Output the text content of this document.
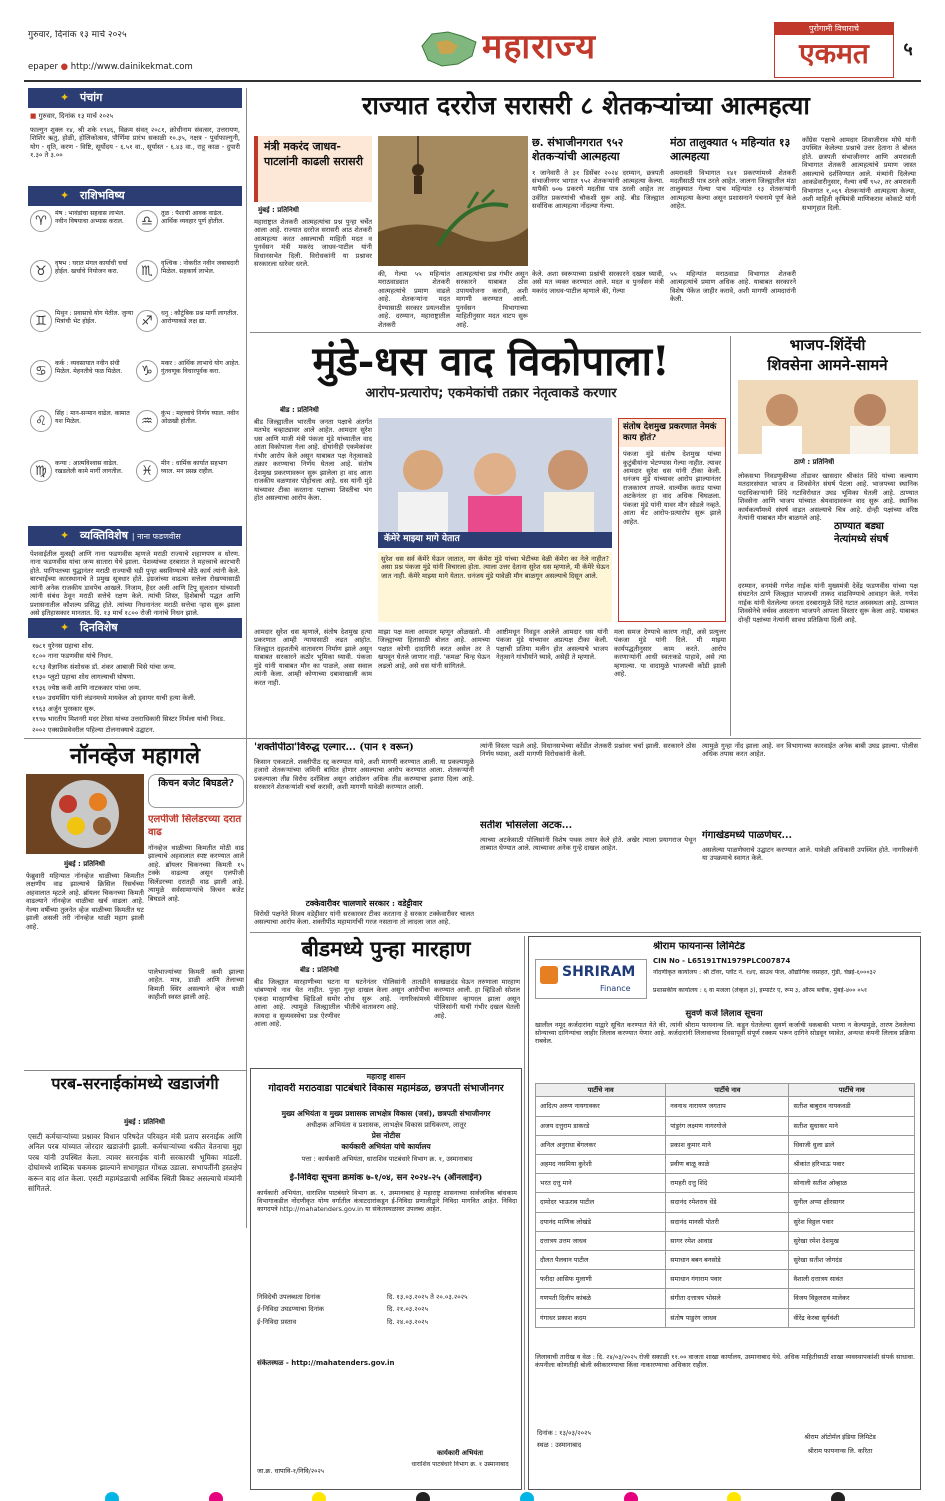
गुरुवार, दिनांक १३ मार्च २०२५
epaper ● http://www.dainikekmat.com	महाराज्य	पुरोगामी विचाराचे
एकमत	५
✦ पंचांग
■ गुरुवार, दिनांक १३ मार्च २०२५
फाल्गुन शुक्ल १४, श्री शके १९४६, विक्रम संवत् २०८१, क्रोधीनाम संवत्सर, उत्तरायण, शिशिर ऋतु, होळी, होलिकोत्सव, पौर्णिमा प्रारंभ सकाळी १०.३५, नक्षत्र - पूर्वाफाल्गुनी, योग - धृति, करण - विष्टि, सूर्योदय - ६.५१ वा., सूर्यास्त - ६.४३ वा., राहू काळ - दुपारी १.३० ते ३.००
✦ राशिभविष्य
♈
मेष : भावंडांचा सहवास लाभेल. नवीन विषयाचा अभ्यास कराल.	♎
तूळ : पैशाची आवक वाढेल. आर्थिक व्यवहार पूर्ण होतील.
♉
वृषभ : घरात मंगल कार्याची चर्चा होईल. खर्चाचे नियोजन करा.	♏
वृश्चिक : नोकरीत नवीन जबाबदारी मिळेल. सहकार्य लाभेल.
♊
मिथुन : प्रवासाचे योग येतील. जुन्या मित्रांची भेट होईल.	♐
धनु : कौटुंबिक प्रश्न मार्गी लागतील. आरोग्याकडे लक्ष द्या.
♋
कर्क : व्यवसायात नवीन संधी मिळेल. मेहनतीचे फळ मिळेल.	♑
मकर : आर्थिक लाभाचे योग आहेत. गुंतवणूक विचारपूर्वक करा.
♌
सिंह : मान-सन्मान वाढेल. कामात यश मिळेल.	♒
कुंभ : महत्त्वाचे निर्णय घ्याल. नवीन ओळखी होतील.
♍
कन्या : आत्मविश्वास वाढेल. रखडलेली कामे मार्गी लागतील.	♓
मीन : धार्मिक कार्यात सहभाग घ्याल. मन प्रसन्न राहील.
✦ व्यक्तिविशेष | नाना फडणवीस
पेशवाईतील मुत्सद्दी आणि नाना फडणवीस म्हणजे मराठी राज्याचे शहाणपण व धोरण. नाना फडणवीस यांचा जन्म सातारा येथे झाला. पेशव्यांच्या दरबारात ते महत्त्वाचे कारभारी होते. पानिपतच्या युद्धानंतर मराठी राज्याची घडी पुन्हा बसविण्याचे मोठे कार्य त्यांनी केले. बारभाईंच्या कारस्थानाचे ते प्रमुख सूत्रधार होते. इंग्रजांच्या वाढत्या सत्तेला रोखण्यासाठी त्यांनी अनेक राजकीय डावपेच आखले. निजाम, हैदर अली आणि टिपू सुलतान यांच्याशी त्यांनी संबंध ठेवून मराठी सत्तेचे रक्षण केले. त्यांची शिस्त, हिशेबाची पद्धत आणि प्रशासनातील कौशल्य प्रसिद्ध होते. त्यांच्या निधनानंतर मराठी सत्तेचा ऱ्हास सुरू झाला असे इतिहासकार मानतात. दि. १३ मार्च १८०० रोजी नानांचे निधन झाले.
✦ दिनविशेष
१७८१ युरेनस ग्रहाचा शोध.
१८०० नाना फडणवीस यांचे निधन.
१८९३ वैज्ञानिक संशोधक डॉ. शंकर आबाजी भिसे यांचा जन्म.
१९३० प्लुटो ग्रहाचा शोध लागल्याची घोषणा.
१९३६ ज्येष्ठ कवी आणि नाटककार यांचा जन्म.
१९४० उधमसिंग यांनी लंडनमध्ये मायकेल ओ ड्वायर याची हत्या केली.
१९६३ अर्जुन पुरस्कार सुरू.
१९९७ भारतीय मिशनरी मदर टेरेसा यांच्या उत्तराधिकारी सिस्टर निर्मला यांची निवड.
२००२ एक्सप्रेसवेवरील पहिल्या टोलनाक्याचे उद्घाटन.
राज्यात दररोज सरासरी ८ शेतकऱ्यांच्या आत्महत्या
मंत्री मकरंद जाधव-पाटलांनी काढली सरासरी
मुंबई : प्रतिनिधी
महाराष्ट्रात शेतकरी आत्महत्यांचा प्रश्न पुन्हा चर्चेत आला आहे. राज्यात दररोज सरासरी आठ शेतकरी आत्महत्या करत असल्याची माहिती मदत व पुनर्वसन मंत्री मकरंद जाधव-पाटील यांनी विधानसभेत दिली. विरोधकांनी या प्रश्नावर सरकारला धारेवर धरले.
की, गेल्या ५५ महिन्यांत मराठवाड्यात शेतकरी आत्महत्यांचे प्रमाण वाढले आहे. शेतकऱ्यांना मदत देण्यासाठी सरकार प्रयत्नशील आहे. दरम्यान, महाराष्ट्रातील शेतकरी
आत्महत्यांचा प्रश्न गंभीर असून सरकारने याबाबत ठोस उपाययोजना करावी, अशी मागणी करण्यात आली. पुनर्वसन विभागाच्या माहितीनुसार मदत वाटप सुरू आहे.
छ. संभाजीनगरात ९५२ शेतकऱ्यांची आत्महत्या
१ जानेवारी ते ३१ डिसेंबर २०२४ दरम्यान, छत्रपती संभाजीनगर भागात ९५२ शेतकऱ्यांनी आत्महत्या केल्या. यापैकी ७०७ प्रकरणे मदतीस पात्र ठरली आहेत तर उर्वरित प्रकरणांची चौकशी सुरू आहे. बीड जिल्ह्यात सर्वाधिक आत्महत्या नोंदल्या गेल्या.
केले. अशा स्वरूपाच्या प्रश्नांची सरकारने दखल घ्यावी, असे मत व्यक्त करण्यात आले. मदत व पुनर्वसन मंत्री मकरंद जाधव-पाटील म्हणाले की, गेल्या
मंठा तालुक्यात ५ महिन्यांत १३ आत्महत्या
अमरावती विभागात १४१ प्रकरणांमध्ये शेतकरी मदतीसाठी पात्र ठरले आहेत. जालना जिल्ह्यातील मंठा तालुक्यात गेल्या पाच महिन्यांत १३ शेतकऱ्यांनी आत्महत्या केल्या असून प्रशासनाने पंचनामे पूर्ण केले आहेत.
५५ महिन्यांत मराठवाडा विभागात शेतकरी आत्महत्यांचे प्रमाण अधिक आहे. याबाबत सरकारने विशेष पॅकेज जाहीर करावे, अशी मागणी आमदारांनी केली.
काँग्रेस पक्षाचे आमदार शिवाजीराव मोघे यांनी उपस्थित केलेल्या प्रश्नाचे उत्तर देताना ते बोलत होते. छत्रपती संभाजीनगर आणि अमरावती विभागात शेतकरी आत्महत्यांचे प्रमाण जास्त असल्याचे दर्शविण्यात आले. मंत्र्यांनी दिलेल्या आकडेवारीनुसार, गेल्या वर्षी ९५२, तर अमरावती विभागात १,०६९ शेतकऱ्यांनी आत्महत्या केल्या, अशी माहिती कृषिमंत्री माणिकराव कोकाटे यांनी सभागृहात दिली.
मुंडे-धस वाद विकोपाला!
आरोप-प्रत्यारोप; एकमेकांची तक्रार नेतृत्वाकडे करणार
बीड : प्रतिनिधी
बीड जिल्ह्यातील भारतीय जनता पक्षाचे अंतर्गत मतभेद चव्हाट्यावर आले आहेत. आमदार सुरेश धस आणि माजी मंत्री पंकजा मुंडे यांच्यातील वाद आता विकोपाला गेला आहे. दोघांनीही एकमेकांवर गंभीर आरोप केले असून याबाबत पक्ष नेतृत्वाकडे तक्रार करण्याचा निर्णय घेतला आहे. संतोष देशमुख प्रकरणावरून सुरू झालेला हा वाद आता राजकीय वळणावर पोहोचला आहे. धस यांनी मुंडे यांच्यावर टीका करताना पक्षाच्या शिस्तीचा भंग होत असल्याचा आरोप केला.
कॅमेरे माझ्या मागे येतात
सुरेश धस सर्व कॅमेरे घेऊन जातात, मग कॅमेरा मुंडे यांच्या भेटीच्या वेळी कॅमेरा का नेले नाहीत? असा प्रश्न पंकजा मुंडे यांनी विचारला होता. त्याला उत्तर देताना सुरेश धस म्हणाले, मी कॅमेरे घेऊन जात नाही. कॅमेरे माझ्या मागे येतात. धनंजय मुंडे यावेळी मौन बाळगून असल्याचे दिसून आले.
संतोष देशमुख प्रकरणात नेमकं काय होतं?
पंकजा मुंडे संतोष देशमुख यांच्या कुटुंबीयांना भेटण्यास गेल्या नाहीत. त्यावर आमदार सुरेश धस यांनी टीका केली. धनंजय मुंडे यांच्यावर आरोप झाल्यानंतर राजकारण तापले. वाल्मीक कराड याच्या अटकेनंतर हा वाद अधिक चिघळला. पंकजा मुंडे यांनी यावर मौन सोडले नव्हते. आता थेट आरोप-प्रत्यारोप सुरू झाले आहेत.
आमदार सुरेश धस म्हणाले, संतोष देशमुख हत्या प्रकरणात आम्ही न्यायासाठी लढत आहोत. जिल्ह्यात दहशतीचे वातावरण निर्माण झाले असून याबाबत सरकारने कठोर भूमिका घ्यावी. पंकजा मुंडे यांनी याबाबत मौन का पाळले, असा सवाल त्यांनी केला. आम्ही कोणाच्या दबावाखाली काम करत नाही.
माझा पक्ष मला आमदार म्हणून ओळखतो. मी जिल्ह्याच्या हितासाठी बोलत आहे. आमच्या पक्षात कोणी दादागिरी करत असेल तर ते खपवून घेतले जाणार नाही. 'कमळ' चिन्ह घेऊन लढलो आहे, असे धस यांनी सांगितले.
आष्टीमधून निवडून आलेले आमदार धस यांनी पंकजा मुंडे यांच्यावर अप्रत्यक्ष टीका केली. पक्षाची प्रतिमा मलीन होत असल्याचे भाजप नेतृत्वाने गांभीर्याने घ्यावे, असेही ते म्हणाले.
मला समज देण्याचे कारण नाही, असे प्रत्युत्तर पंकजा मुंडे यांनी दिले. मी माझ्या कार्यपद्धतीनुसार काम करते. आरोप करणाऱ्यांनी आधी स्वतःकडे पाहावे, असे त्या म्हणाल्या. या वादामुळे भाजपची कोंडी झाली आहे.
भाजप-शिंदेंची
शिवसेना आमने-सामने
ठाणे : प्रतिनिधी
लोकसभा निवडणुकीच्या तोंडावर खासदार श्रीकांत शिंदे यांच्या कल्याण मतदारसंघात भाजप व शिवसेनेत संघर्ष पेटला आहे. भाजपच्या स्थानिक पदाधिकाऱ्यांनी शिंदे गटाविरोधात उघड भूमिका घेतली आहे. ठाण्यात शिवसेना आणि भाजप यांच्यात श्रेयवादावरून वाद सुरू आहे. स्थानिक कार्यकर्त्यांमध्ये संघर्ष वाढत असल्याचे चित्र आहे. दोन्ही पक्षांच्या वरिष्ठ नेत्यांनी याबाबत मौन बाळगले आहे.
ठाण्यात बड्या नेत्यांमध्ये संघर्ष
दरम्यान, वनमंत्री गणेश नाईक यांनी मुख्यमंत्री देवेंद्र फडणवीस यांच्या पक्ष संघटनेत ठाणे जिल्ह्यात भाजपची ताकद वाढविण्याचे आवाहन केले. गणेश नाईक यांनी घेतलेल्या जनता दरबारामुळे शिंदे गटात अस्वस्थता आहे. ठाण्यात शिवसेनेचे वर्चस्व असताना भाजपने आपला विस्तार सुरू केला आहे. याबाबत दोन्ही पक्षांच्या नेत्यांनी सावध प्रतिक्रिया दिली आहे.
नॉनव्हेज महागले
किचन बजेट बिघडले?
एलपीजी सिलेंडरच्या दरात वाढ
नॉनव्हेज थाळीच्या किमतीत मोठी वाढ झाल्याचे अहवालात स्पष्ट करण्यात आले आहे. ब्रॉयलर चिकनच्या किमती १५ टक्के वाढल्या असून एलपीजी सिलेंडरच्या दरातही वाढ झाली आहे. त्यामुळे सर्वसामान्यांचे किचन बजेट बिघडले आहे.
मुंबई : प्रतिनिधी
फेब्रुवारी महिन्यात नॉनव्हेज थाळीच्या किमतीत लक्षणीय वाढ झाल्याचे क्रिसिल रिसर्चच्या अहवालात म्हटले आहे. ब्रॉयलर चिकनच्या किमती वाढल्याने नॉनव्हेज थाळीचा खर्च वाढला आहे. गेल्या वर्षीच्या तुलनेत व्हेज थाळीच्या किमतीत घट झाली असली तरी नॉनव्हेज थाळी महाग झाली आहे.
पालेभाज्यांच्या किमती कमी झाल्या आहेत. मात्र, डाळी आणि तेलाच्या किमती स्थिर असल्याने व्हेज थाळी काहीशी स्वस्त झाली आहे.
'शक्तीपीठा'विरुद्ध एल्गार... (पान १ वरून)
किसान एकवटले. शक्तीपीठ रद्द करण्यात यावे, अशी मागणी करण्यात आली. या प्रकल्पामुळे हजारो शेतकऱ्यांच्या जमिनी बाधित होणार असल्याचा आरोप करण्यात आला. शेतकऱ्यांनी प्रकल्पाला तीव्र विरोध दर्शविला असून आंदोलन अधिक तीव्र करण्याचा इशारा दिला आहे. सरकारने शेतकऱ्यांशी चर्चा करावी, अशी मागणी यावेळी करण्यात आली.
टक्केवारीवर चालणारे सरकार : वडेट्टीवार
विरोधी पक्षनेते विजय वडेट्टीवार यांनी सरकारवर टीका करताना हे सरकार टक्केवारीवर चालत असल्याचा आरोप केला. शक्तीपीठ महामार्गाची गरज नसताना तो लादला जात आहे.
त्यांनी विस्तर पडले आहे. विधानसभेच्या कोंडीत शेतकरी प्रश्नांवर चर्चा झाली. सरकारने ठोस निर्णय घ्यावा, अशी मागणी विरोधकांनी केली.
सतीश भोसलेला अटक...
त्याच्या अटकेसाठी पोलिसांनी विशेष पथक तयार केले होते. अखेर त्याला प्रयागराज येथून ताब्यात घेण्यात आले. त्याच्यावर अनेक गुन्हे दाखल आहेत.
त्यामुळे गुन्हा नोंद झाला आहे. वन विभागाच्या कारवाईत अनेक बाबी उघड झाल्या. पोलीस अधिक तपास करत आहेत.
गंगाखेडमध्ये पाळणेघर...
असलेल्या पाळणेघराचे उद्घाटन करण्यात आले. यावेळी अधिकारी उपस्थित होते. नागरिकांनी या उपक्रमाचे स्वागत केले.
बीडमध्ये पुन्हा मारहाण
बीड : प्रतिनिधी
बीड जिल्ह्यात मारहाणीच्या घटना थांबण्याचे नाव घेत नाहीत. पुन्हा एकदा मारहाणीचा व्हिडिओ समोर आला आहे. त्यामुळे जिल्ह्यातील कायदा व सुव्यवस्थेचा प्रश्न ऐरणीवर आला आहे.
या घटनेनंतर पोलिसांनी तातडीने गुन्हा दाखल केला असून आरोपींचा शोध सुरू आहे. नागरिकांमध्ये भीतीचे वातावरण आहे.
साखळदंड घेऊन तरुणाला मारहाण करण्यात आली. हा व्हिडिओ सोशल मीडियावर व्हायरल झाला असून पोलिसांनी याची गंभीर दखल घेतली आहे.
परब-सरनाईकांमध्ये खडाजंगी
मुंबई : प्रतिनिधी
एसटी कर्मचाऱ्यांच्या प्रश्नावर विधान परिषदेत परिवहन मंत्री प्रताप सरनाईक आणि अनिल परब यांच्यात जोरदार खडाजंगी झाली. कर्मचाऱ्यांच्या थकीत वेतनाचा मुद्दा परब यांनी उपस्थित केला. त्यावर सरनाईक यांनी सरकारची भूमिका मांडली. दोघांमध्ये शाब्दिक चकमक झाल्याने सभागृहात गोंधळ उडाला. सभापतींनी हस्तक्षेप करून वाद शांत केला. एसटी महामंडळाची आर्थिक स्थिती बिकट असल्याचे मंत्र्यांनी सांगितले.
महाराष्ट्र शासन
गोदावरी मराठवाडा पाटबंधारे विकास महामंडळ, छत्रपती संभाजीनगर
मुख्य अभियंता व मुख्य प्रशासक लाभक्षेत्र विकास (जसं), छत्रपती संभाजीनगर
अधीक्षक अभियंता व प्रशासक, लाभक्षेत्र विकास प्राधिकरण, लातूर
प्रेस नोटीस
कार्यकारी अभियंता यांचे कार्यालय
पत्ता : कार्यकारी अभियंता, धाराशिव पाटबंधारे विभाग क्र. १, उस्मानाबाद
ई-निविदा सूचना क्रमांक ७-१/०४, सन २०२४-२५ (ऑनलाईन)
कार्यकारी अभियंता, धाराशिव पाटबंधारे विभाग क्र. १, उस्मानाबाद हे महाराष्ट्र शासनाच्या सार्वजनिक बांधकाम विभागाकडील नोंदणीकृत योग्य वर्गातील कंत्राटदारांकडून ई-निविदा प्रणालीद्वारे निविदा मागवित आहेत. निविदा कागदपत्रे http://mahatenders.gov.in या संकेतस्थळावर उपलब्ध आहेत.
निविदेची उपलब्धता दिनांक	दि. १३.०३.२०२५ ते २०.०३.२०२५
ई-निविदा उघडण्याचा दिनांक	दि. २१.०३.२०२५
ई-निविदा प्रस्ताव	दि. २४.०३.२०२५
संकेतस्थळ - http://mahatenders.gov.in
जा.क्र. धापावि-१/निवि/२०२५
कार्यकारी अभियंता
धाराशिव पाटबंधारे विभाग क्र. १ उस्मानाबाद
SHRIRAM
Finance
श्रीराम फायनान्स लिमिटेड
CIN No - L65191TN1979PLC007874
नोंदणीकृत कार्यालय : श्री टॉवर, प्लॉट नं. १४ए, साउथ फेज, औद्योगिक वसाहत, गुंडी, चेन्नई-६०००३२
प्रशासकीय कार्यालय : ६ वा मजला (लेव्हल ३), इम्पार्टर ए, रूम ३, औरम ब्लॉक, मुंबई-४०० ०५१
सुवर्ण कर्ज लिलाव सूचना
खालील नमूद कर्जदारांना याद्वारे सूचित करण्यात येते की, त्यांनी श्रीराम फायनान्स लि. कडून घेतलेल्या सुवर्ण कर्जाची थकबाकी भरणा न केल्यामुळे, तारण ठेवलेल्या सोन्याच्या दागिन्यांचा जाहीर लिलाव करण्यात येणार आहे. कर्जदारांनी लिलावाच्या दिवसापूर्वी संपूर्ण रक्कम भरून दागिने सोडवून घ्यावेत, अन्यथा कंपनी लिलाव प्रक्रिया राबवेल.
पार्टीचे नाव	पार्टीचे नाव	पार्टीचे नाव
आदित्य अरुण नायगावकर	नवनाथ नारायण जगताप	सतीश बाबुराव नायकवडी
अजय दत्तुराम डाकरडे	पांडुरंग लक्ष्मण नागरगोजे	सतीश सुधाकर माने
अनिल अनुराधा बेंगलकर	प्रकाश कुमार माने	धिवाजी धुला ढाले
अहमद नसमिया कुरेशी	प्रवीण बाळू काळे	श्रीकांत हरिभाऊ पवार
भरत दत्तु माने	रामहरी दत्तु शिंदे	सोनाली सतीश ओव्हाळ
दामोदर भाऊराव पाटील	सदानंद रमेशराव धेंडे	सुनील अप्पा क्षीरसागर
दयानंद माणिक लोखंडे	सदानंद मानसी पोतरी	सुरेश विठ्ठल पवार
दत्तात्रय उत्तम जाधव	सागर रमेश आवाड	सुरेखा रमेश देशमुख
दौलत पैलवान पाटील	समाधान बबन बनसोडे	सुरेखा सतीश जोगदंड
फरीदा आसिफ मुलाणी	समाधान गंगाराम पवार	वैशाली दत्तात्रय सावंत
गणपती दिलीप कांबळे	संगीता दत्तात्रय भोसले	विजय विठ्ठलराव मालेकर
गंगाधर प्रकाश कदम	संतोष पाडुरंग जाधव	वीरेंद्र केरबा सूर्यवंशी
लिलावाची तारीख व वेळ : दि. २४/०३/२०२५ रोजी सकाळी ११.०० वाजता शाखा कार्यालय, उस्मानाबाद येथे. अधिक माहितीसाठी शाखा व्यवस्थापकांशी संपर्क साधावा. कंपनीला कोणतीही बोली स्वीकारण्याचा किंवा नाकारण्याचा अधिकार राहील.
दिनांक : १३/०३/२०२५
स्थळ : उस्मानाबाद
श्रीराम ऑटोमॅल इंडिया लिमिटेड
श्रीराम फायनान्स लि. करिता
